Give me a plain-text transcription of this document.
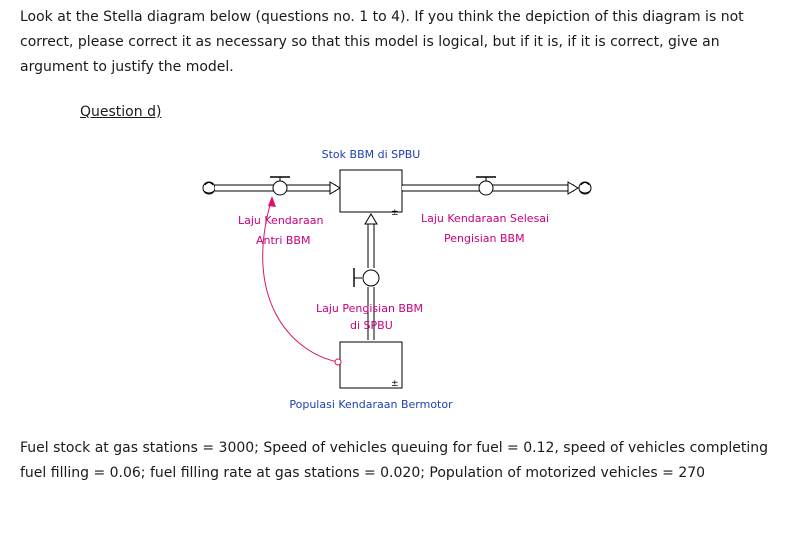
Look at the Stella diagram below (questions no. 1 to 4). If you think the depiction of this diagram is not correct, please correct it as necessary so that this model is logical, but if it is, if it is correct, give an argument to justify the model.

Question d)

Stok BBM di SPBU
±
Laju Kendaraan
Antri BBM
Laju Kendaraan Selesai
Pengisian BBM
Laju Pengisian BBM
di SPBU
±
Populasi Kendaraan Bermotor

Fuel stock at gas stations = 3000; Speed of vehicles queuing for fuel = 0.12, speed of vehicles completing fuel filling = 0.06; fuel filling rate at gas stations = 0.020; Population of motorized vehicles = 270
